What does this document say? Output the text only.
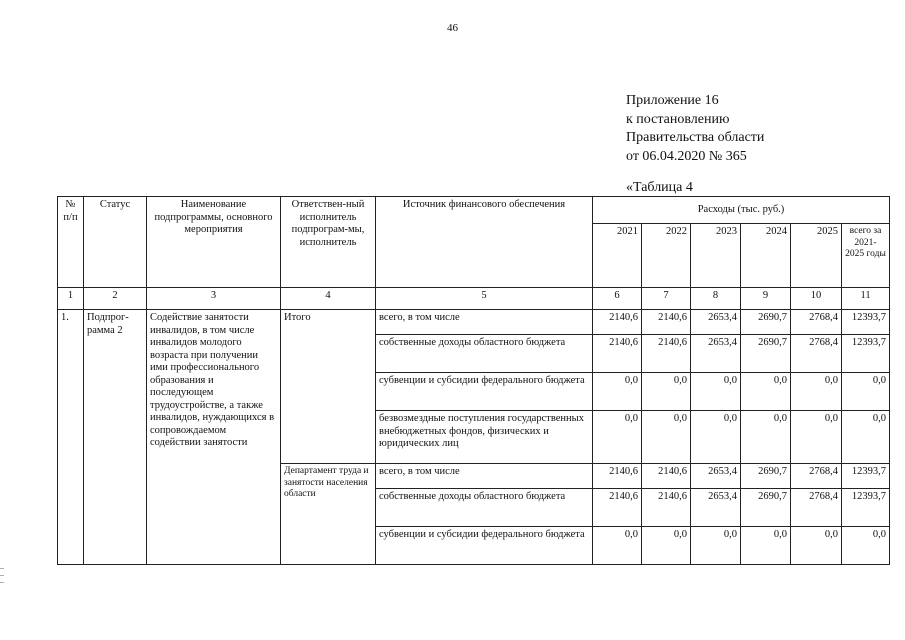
46
Приложение 16
к постановлению
Правительства области
от 06.04.2020 № 365
«Таблица 4
№ п/п	Статус	Наименование подпрограммы, основного мероприятия	Ответствен-ный исполнитель подпрограм-мы, исполнитель	Источник финансового обеспечения	Расходы (тыс. руб.)					
					2021	2022	2023	2024	2025	всего за 2021-2025 годы
1	2	3	4	5	6	7	8	9	10	11
1.	Подпрог-рамма 2	Содействие занятости инвалидов, в том числе инвалидов молодого возраста при получении ими профессионального образования и последующем трудоустройстве, а также инвалидов, нуждающихся в сопровождаемом содействии занятости	Итого	всего, в том числе	2140,6	2140,6	2653,4	2690,7	2768,4	12393,7
				собственные доходы областного бюджета	2140,6	2140,6	2653,4	2690,7	2768,4	12393,7
				субвенции и субсидии федерального бюджета	0,0	0,0	0,0	0,0	0,0	0,0
				безвозмездные поступления государственных внебюджетных фондов, физических и юридических лиц	0,0	0,0	0,0	0,0	0,0	0,0
			Департамент труда и занятости населения области	всего, в том числе	2140,6	2140,6	2653,4	2690,7	2768,4	12393,7
				собственные доходы областного бюджета	2140,6	2140,6	2653,4	2690,7	2768,4	12393,7
				субвенции и субсидии федерального бюджета	0,0	0,0	0,0	0,0	0,0	0,0
–
–
–
